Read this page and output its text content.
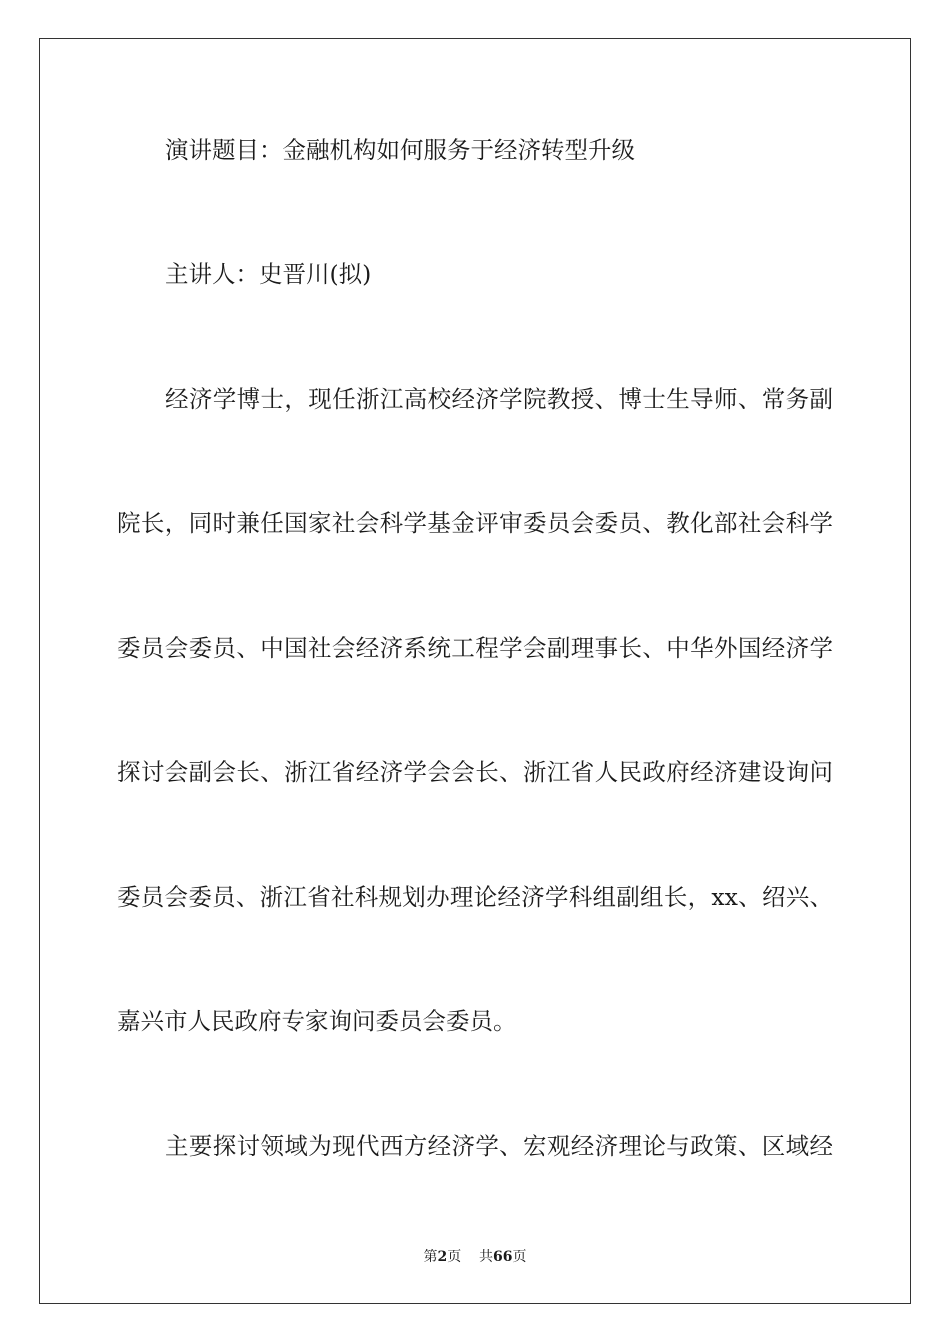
演讲题目：金融机构如何服务于经济转型升级
主讲人：史晋川(拟)
经济学博士，现任浙江高校经济学院教授、博士生导师、常务副
院长，同时兼任国家社会科学基金评审委员会委员、教化部社会科学
委员会委员、中国社会经济系统工程学会副理事长、中华外国经济学
探讨会副会长、浙江省经济学会会长、浙江省人民政府经济建设询问
委员会委员、浙江省社科规划办理论经济学科组副组长，xx、绍兴、
嘉兴市人民政府专家询问委员会委员。
主要探讨领域为现代西方经济学、宏观经济理论与政策、区域经
第2页 共66页
